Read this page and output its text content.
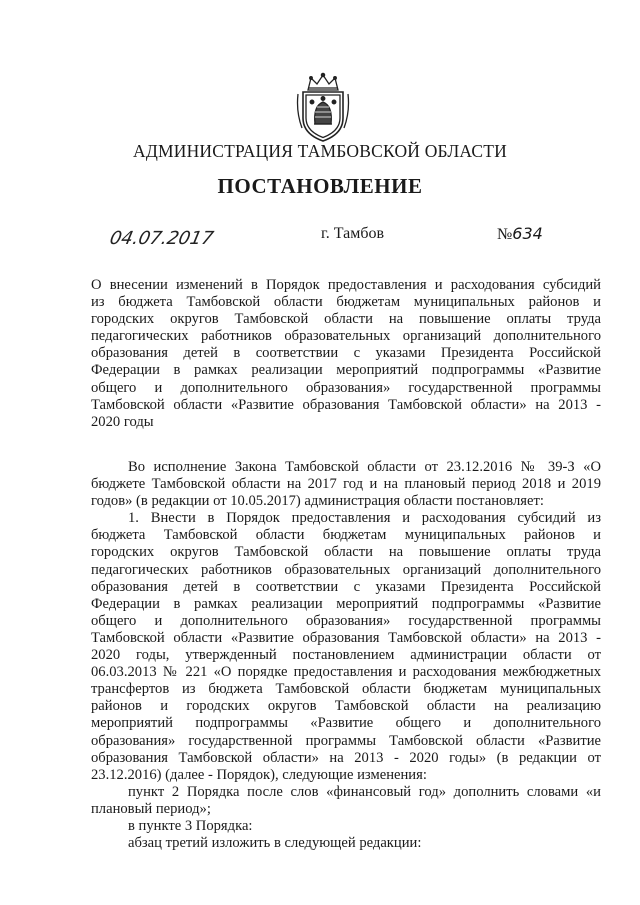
АДМИНИСТРАЦИЯ ТАМБОВСКОЙ ОБЛАСТИ
ПОСТАНОВЛЕНИЕ
04.07.2017	г. Тамбов	№634
О внесении изменений в Порядок предоставления и расходования субсидий
из бюджета Тамбовской области бюджетам муниципальных районов и
городских округов Тамбовской области на повышение оплаты труда
педагогических работников образовательных организаций дополнительного
образования детей в соответствии с указами Президента Российской
Федерации в рамках реализации мероприятий подпрограммы «Развитие
общего и дополнительного образования» государственной программы
Тамбовской области «Развитие образования Тамбовской области» на 2013 -
2020 годы
Во исполнение Закона Тамбовской области от 23.12.2016 № 39-З «О
бюджете Тамбовской области на 2017 год и на плановый период 2018 и 2019
годов» (в редакции от 10.05.2017) администрация области постановляет:
1. Внести в Порядок предоставления и расходования субсидий из
бюджета Тамбовской области бюджетам муниципальных районов и
городских округов Тамбовской области на повышение оплаты труда
педагогических работников образовательных организаций дополнительного
образования детей в соответствии с указами Президента Российской
Федерации в рамках реализации мероприятий подпрограммы «Развитие
общего и дополнительного образования» государственной программы
Тамбовской области «Развитие образования Тамбовской области» на 2013 -
2020 годы, утвержденный постановлением администрации области от
06.03.2013 № 221 «О порядке предоставления и расходования межбюджетных
трансфертов из бюджета Тамбовской области бюджетам муниципальных
районов и городских округов Тамбовской области на реализацию
мероприятий подпрограммы «Развитие общего и дополнительного
образования» государственной программы Тамбовской области «Развитие
образования Тамбовской области» на 2013 - 2020 годы» (в редакции от
23.12.2016) (далее - Порядок), следующие изменения:
пункт 2 Порядка после слов «финансовый год» дополнить словами «и
плановый период»;
в пункте 3 Порядка:
абзац третий изложить в следующей редакции:
